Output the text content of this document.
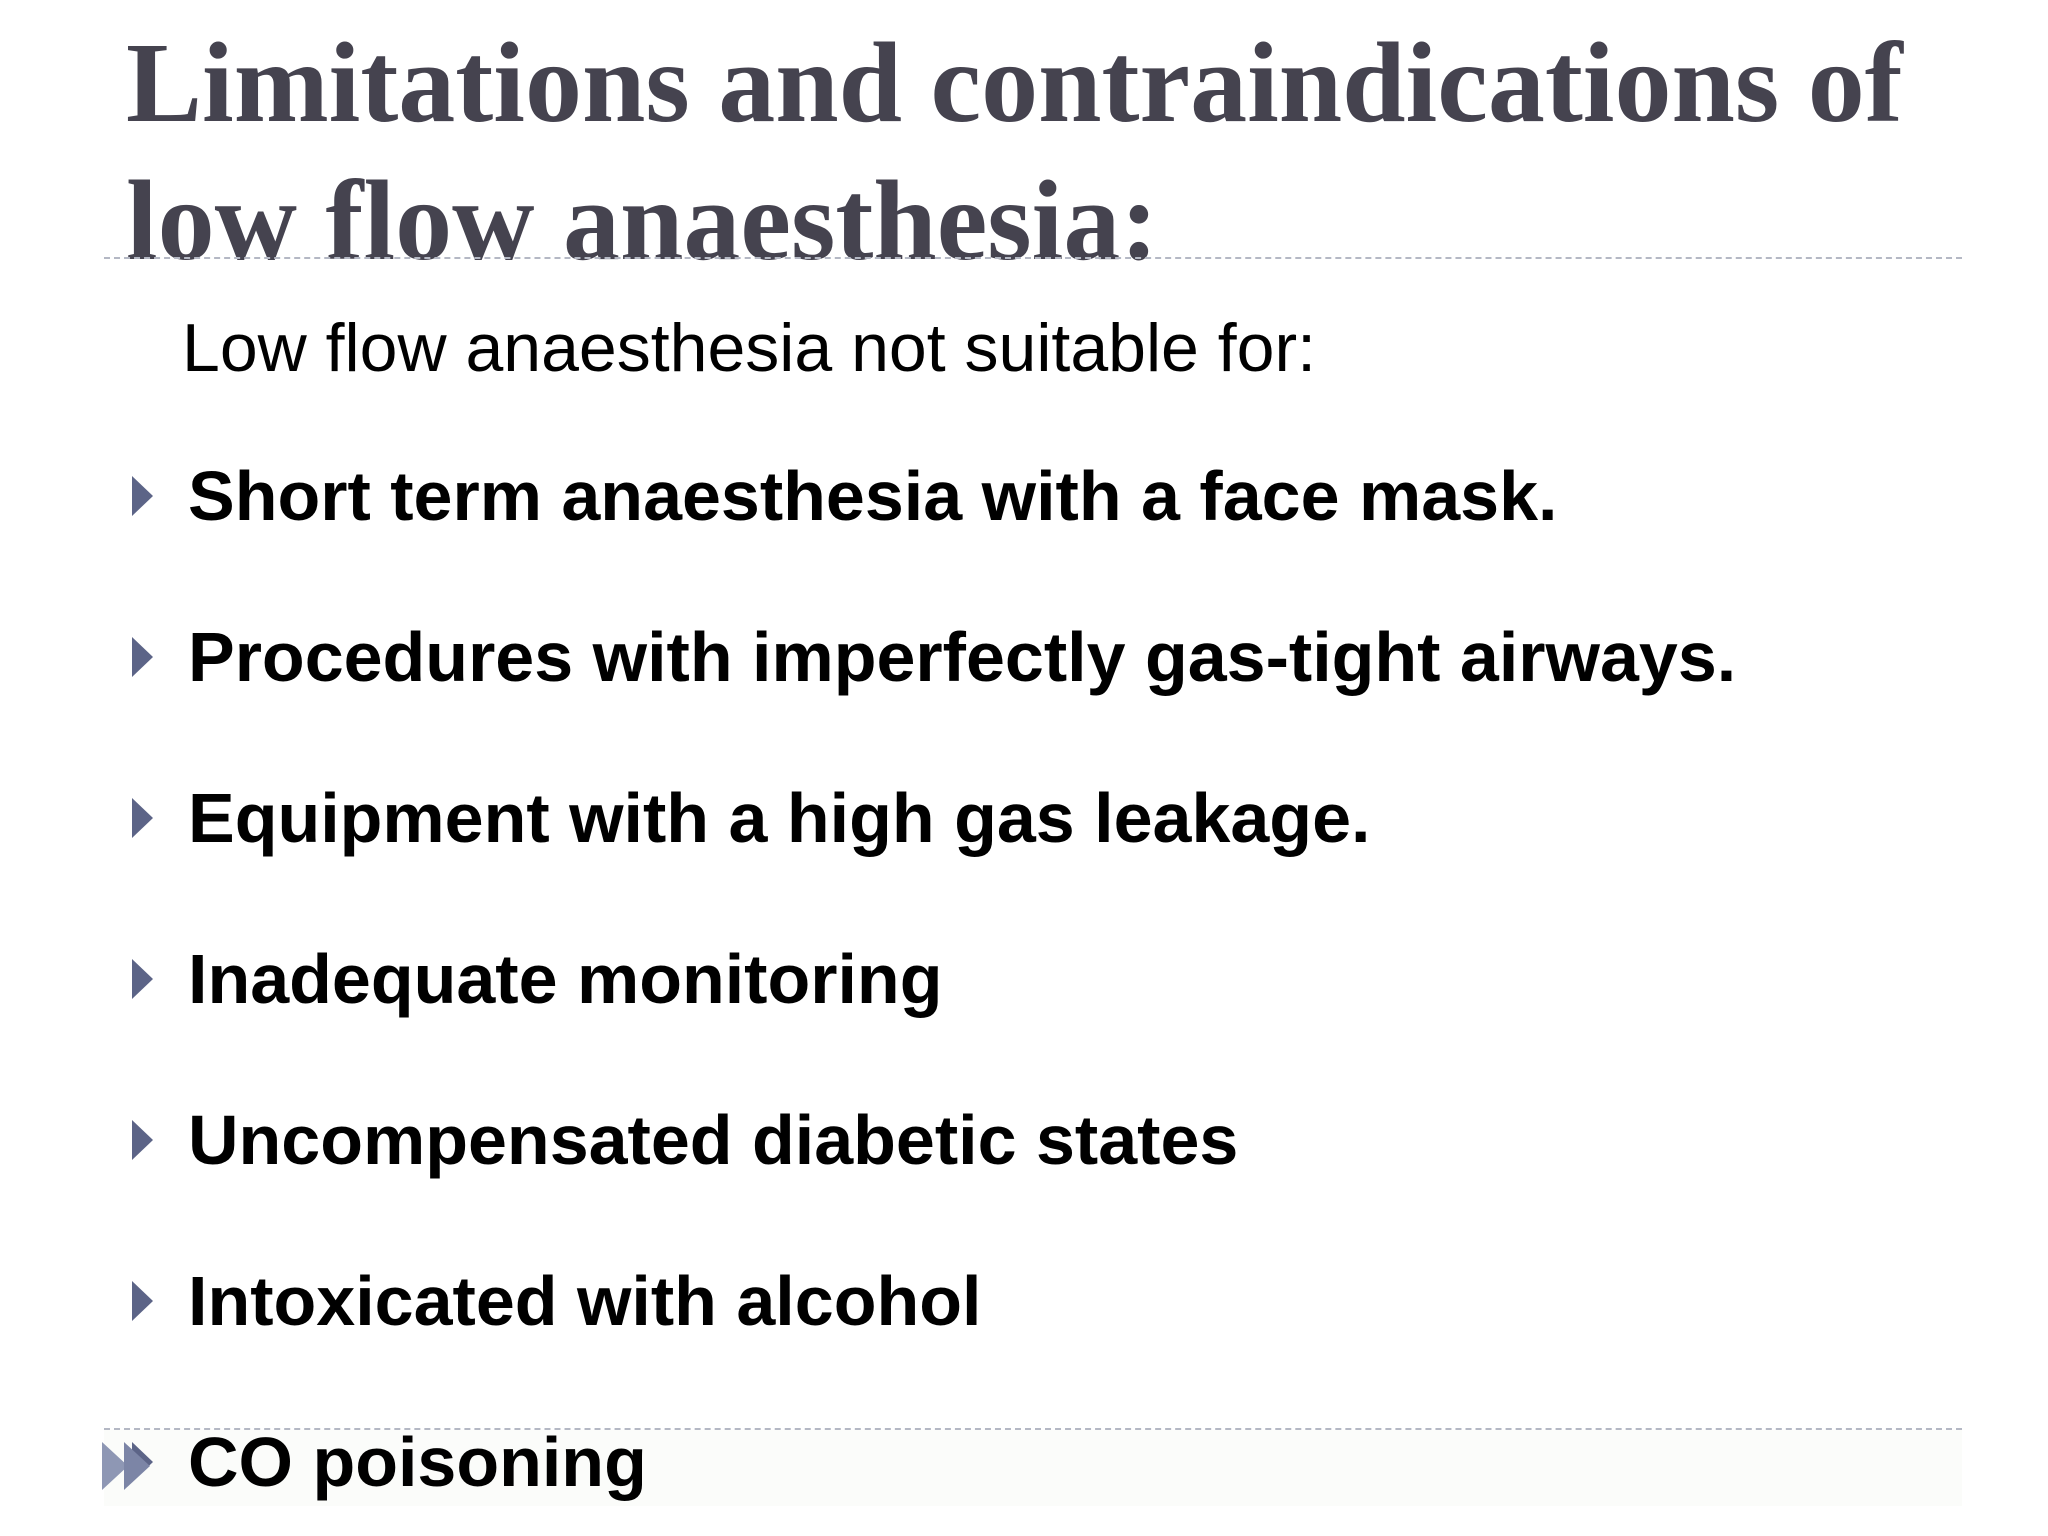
Limitations and contraindications of
low flow anaesthesia:
Low flow anaesthesia not suitable for:
Short term anaesthesia with a face mask.
Procedures with imperfectly gas-tight airways.
Equipment with a high gas leakage.
Inadequate monitoring
Uncompensated diabetic states
Intoxicated with alcohol
CO poisoning
